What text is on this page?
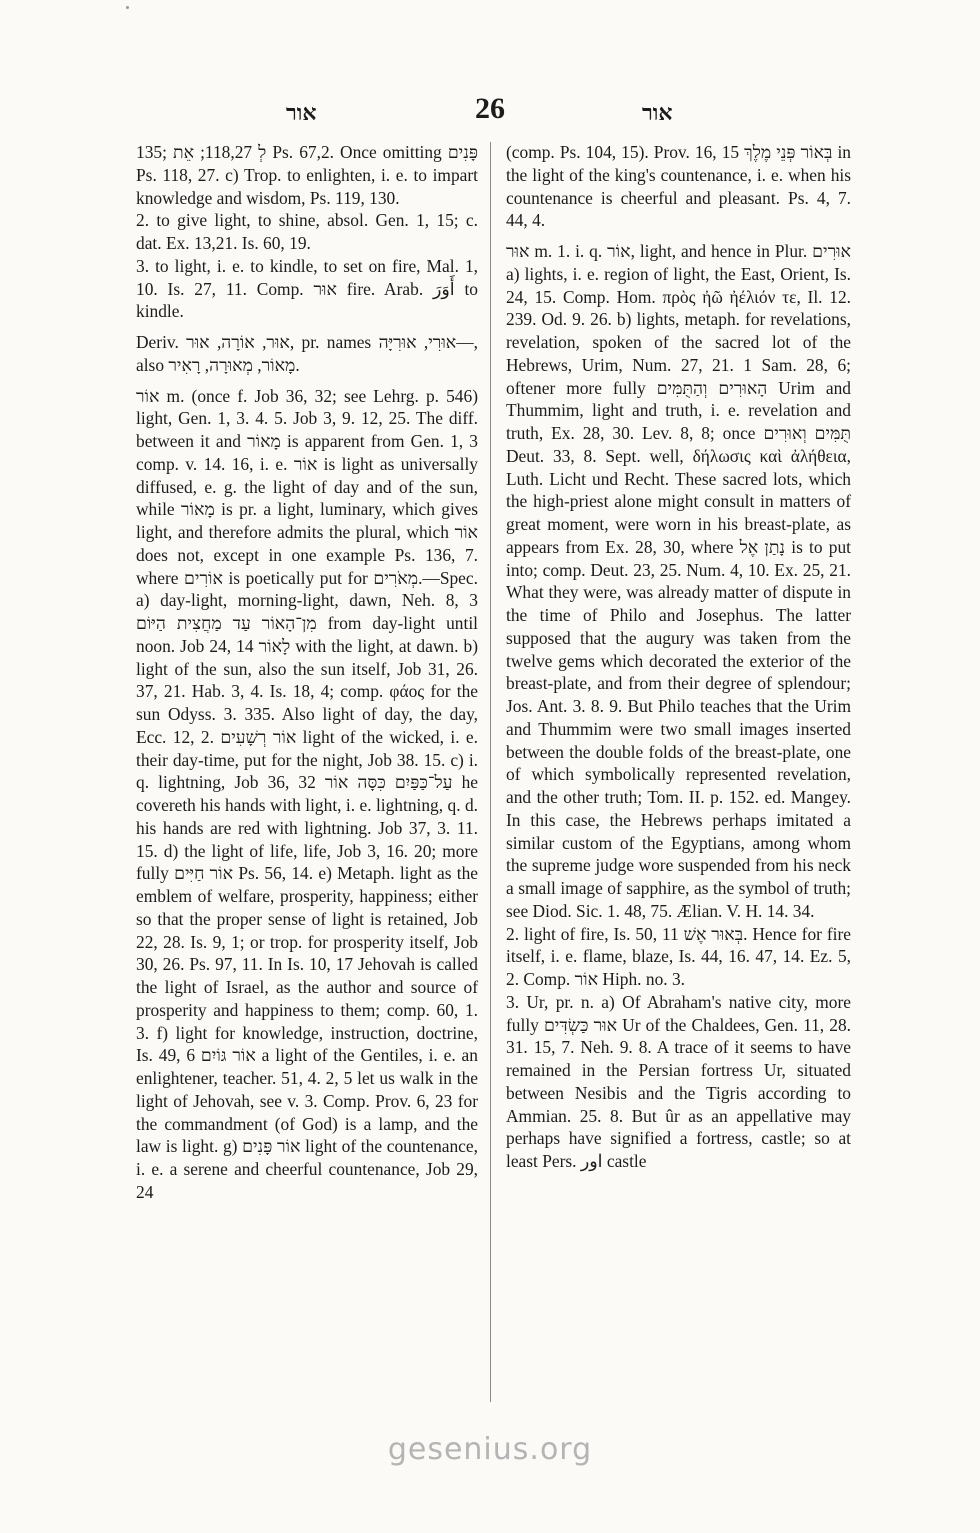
אור	26	אור

135; לְ 118,27; אֵת Ps. 67,2. Once omitting פָּנִים Ps. 118, 27. c) Trop. to enlighten, i. e. to impart knowledge and wisdom, Ps. 119, 130.

2. to give light, to shine, absol. Gen. 1, 15; c. dat. Ex. 13,21. Is. 60, 19.

3. to light, i. e. to kindle, to set on fire, Mal. 1, 10. Is. 27, 11. Comp. אוּר fire. Arab. أَوَرَ to kindle.

Deriv. אוּר, אוֹרָה, אוּר, pr. names אוּרִי, אוּרִיָּה—, also מָאוֹר, מְאוּרָה, רָאִיר.

אוֹר m. (once f. Job 36, 32; see Lehrg. p. 546) light, Gen. 1, 3. 4. 5. Job 3, 9. 12, 25. The diff. between it and מָאוֹר is apparent from Gen. 1, 3 comp. v. 14. 16, i. e. אוֹר is light as universally diffused, e. g. the light of day and of the sun, while מָאוֹר is pr. a light, luminary, which gives light, and therefore admits the plural, which אוֹר does not, except in one example Ps. 136, 7. where אוֹרִים is poetically put for מְאֹרִים.—Spec. a) day-light, morning-light, dawn, Neh. 8, 3 מִן־הָאוֹר עַד מַחֲצִית הַיּוֹם from day-light until noon. Job 24, 14 לָאוֹר with the light, at dawn. b) light of the sun, also the sun itself, Job 31, 26. 37, 21. Hab. 3, 4. Is. 18, 4; comp. φάος for the sun Odyss. 3. 335. Also light of day, the day, Ecc. 12, 2. אוֹר רְשָׁעִים light of the wicked, i. e. their day-time, put for the night, Job 38. 15. c) i. q. lightning, Job 36, 32 עַל־כַּפַּיִם כִּסָּה אוֹר he covereth his hands with light, i. e. lightning, q. d. his hands are red with lightning. Job 37, 3. 11. 15. d) the light of life, life, Job 3, 16. 20; more fully אוֹר חַיִּים Ps. 56, 14. e) Metaph. light as the emblem of welfare, prosperity, happiness; either so that the proper sense of light is retained, Job 22, 28. Is. 9, 1; or trop. for prosperity itself, Job 30, 26. Ps. 97, 11. In Is. 10, 17 Jehovah is called the light of Israel, as the author and source of prosperity and happiness to them; comp. 60, 1. 3. f) light for knowledge, instruction, doctrine, Is. 49, 6 אוֹר גּוֹיִם a light of the Gentiles, i. e. an enlightener, teacher. 51, 4. 2, 5 let us walk in the light of Jehovah, see v. 3. Comp. Prov. 6, 23 for the commandment (of God) is a lamp, and the law is light. g) אוֹר פָּנִים light of the countenance, i. e. a serene and cheerful countenance, Job 29, 24

(comp. Ps. 104, 15). Prov. 16, 15 בְּאוֹר פְּנֵי מֶלֶךְ in the light of the king's countenance, i. e. when his countenance is cheerful and pleasant. Ps. 4, 7. 44, 4.

אוּר m. 1. i. q. אוֹר, light, and hence in Plur. אוּרִים a) lights, i. e. region of light, the East, Orient, Is. 24, 15. Comp. Hom. πρὸς ἠῶ ἠέλιόν τε, Il. 12. 239. Od. 9. 26. b) lights, metaph. for revelations, revelation, spoken of the sacred lot of the Hebrews, Urim, Num. 27, 21. 1 Sam. 28, 6; oftener more fully הָאוּרִים וְהַתֻּמִּים Urim and Thummim, light and truth, i. e. revelation and truth, Ex. 28, 30. Lev. 8, 8; once תֻּמִּים וְאוּרִים Deut. 33, 8. Sept. well, δήλωσις καὶ ἀλήθεια, Luth. Licht und Recht. These sacred lots, which the high-priest alone might consult in matters of great moment, were worn in his breast-plate, as appears from Ex. 28, 30, where נָתַן אֶל is to put into; comp. Deut. 23, 25. Num. 4, 10. Ex. 25, 21. What they were, was already matter of dispute in the time of Philo and Josephus. The latter supposed that the augury was taken from the twelve gems which decorated the exterior of the breast-plate, and from their degree of splendour; Jos. Ant. 3. 8. 9. But Philo teaches that the Urim and Thummim were two small images inserted between the double folds of the breast-plate, one of which symbolically represented revelation, and the other truth; Tom. II. p. 152. ed. Mangey. In this case, the Hebrews perhaps imitated a similar custom of the Egyptians, among whom the supreme judge wore suspended from his neck a small image of sapphire, as the symbol of truth; see Diod. Sic. 1. 48, 75. Ælian. V. H. 14. 34.

2. light of fire, Is. 50, 11 בְּאוּר אֶשׁ. Hence for fire itself, i. e. flame, blaze, Is. 44, 16. 47, 14. Ez. 5, 2. Comp. אוֹר Hiph. no. 3.

3. Ur, pr. n. a) Of Abraham's native city, more fully אוּר כַּשְׂדִּים Ur of the Chaldees, Gen. 11, 28. 31. 15, 7. Neh. 9. 8. A trace of it seems to have remained in the Persian fortress Ur, situated between Nesibis and the Tigris according to Ammian. 25. 8. But ûr as an appellative may perhaps have signified a fortress, castle; so at least Pers. اور castle

gesenius.org
